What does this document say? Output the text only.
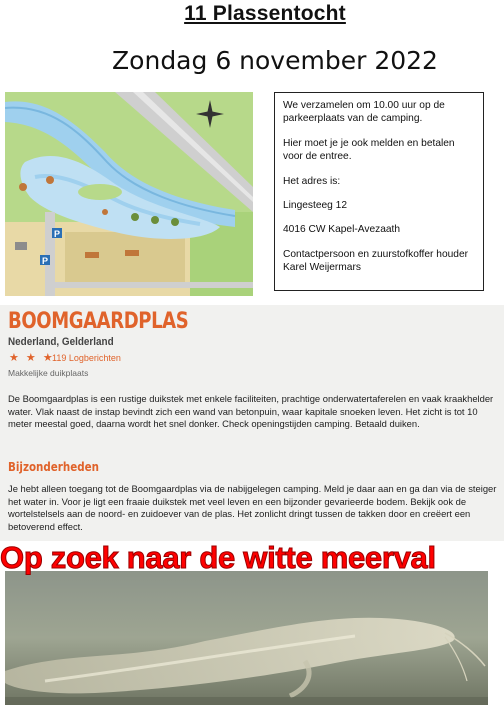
11 Plassentocht
Zondag 6 november 2022
P
P

We verzamelen om 10.00 uur op de parkeerplaats van de camping.

Hier moet je je ook melden en betalen voor de entree.

Het adres is:

Lingesteeg 12

4016 CW Kapel-Avezaath

Contactpersoon en zuurstofkoffer houder Karel Weijermars

BOOMGAARDPLAS
Nederland, Gelderland
★ ★ ★
119 Logberichten
Makkelijke duikplaats
De Boomgaardplas is een rustige duikstek met enkele faciliteiten, prachtige onderwatertaferelen en vaak kraakhelder water. Vlak naast de instap bevindt zich een wand van betonpuin, waar kapitale snoeken leven. Het zicht is tot 10 meter meestal goed, daarna wordt het snel donker. Check openingstijden camping. Betaald duiken.
Bijzonderheden
Je hebt alleen toegang tot de Boomgaardplas via de nabijgelegen camping. Meld je daar aan en ga dan via de steiger het water in. Voor je ligt een fraaie duikstek met veel leven en een bijzonder gevarieerde bodem. Bekijk ook de wortelstelsels aan de noord- en zuidoever van de plas. Het zonlicht dringt tussen de takken door en creëert een betoverend effect.
Op zoek naar de witte meerval
